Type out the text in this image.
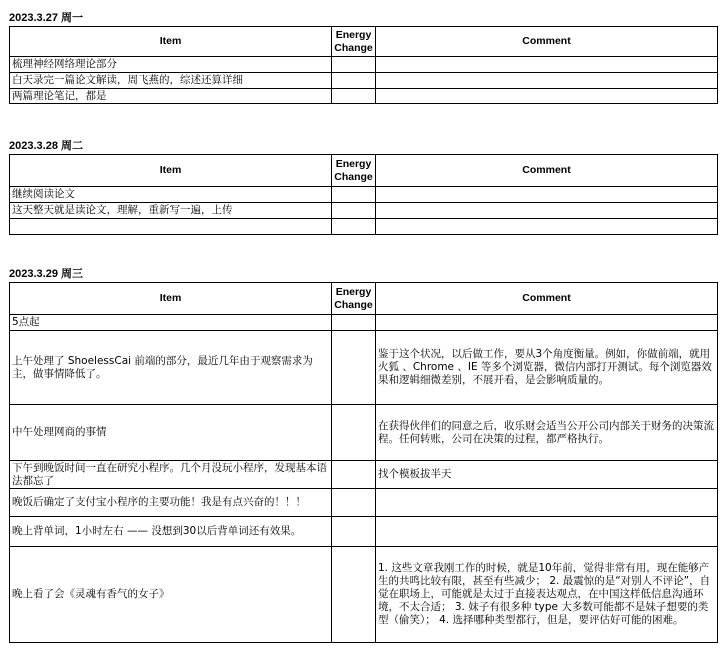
2023.3.27 周一
Item	Energy Change	Comment
梳理神经网络理论部分		
白天录完一篇论文解读，周飞燕的，综述还算详细		
两篇理论笔记，都是		
2023.3.28 周二
Item	Energy Change	Comment
继续阅读论文		
这天整天就是读论文，理解，重新写一遍，上传		

2023.3.29 周三
Item	Energy Change	Comment
5点起		
上午处理了 ShoelessCai 前端的部分，最近几年由于观察需求为主，做事情降低了。		鉴于这个状况，以后做工作，要从3个角度衡量。例如，你做前端，就用 火狐 、Chrome 、IE 等多个浏览器，微信内部打开测试。每个浏览器效果和逻辑细微差别，不展开看，是会影响质量的。
中午处理网商的事情		在获得伙伴们的同意之后，收乐财会适当公开公司内部关于财务的决策流程。任何转账，公司在决策的过程，都严格执行。
下午到晚饭时间一直在研究小程序。几个月没玩小程序，发现基本语法都忘了		找个模板拔半天
晚饭后确定了支付宝小程序的主要功能！我是有点兴奋的！！！		
晚上背单词，1小时左右 —— 没想到30以后背单词还有效果。		
晚上看了会《灵魂有香气的女子》		1. 这些文章我刚工作的时候，就是10年前，觉得非常有用，现在能够产生的共鸣比较有限，甚至有些减少； 2. 最震惊的是“对别人不评论”，自觉在职场上，可能就是太过于直接表达观点，在中国这样低信息沟通环境，不太合适； 3. 妹子有很多种 type 大多数可能都不是妹子想要的类型（偷笑）； 4. 选择哪种类型都行，但是，要评估好可能的困难。
